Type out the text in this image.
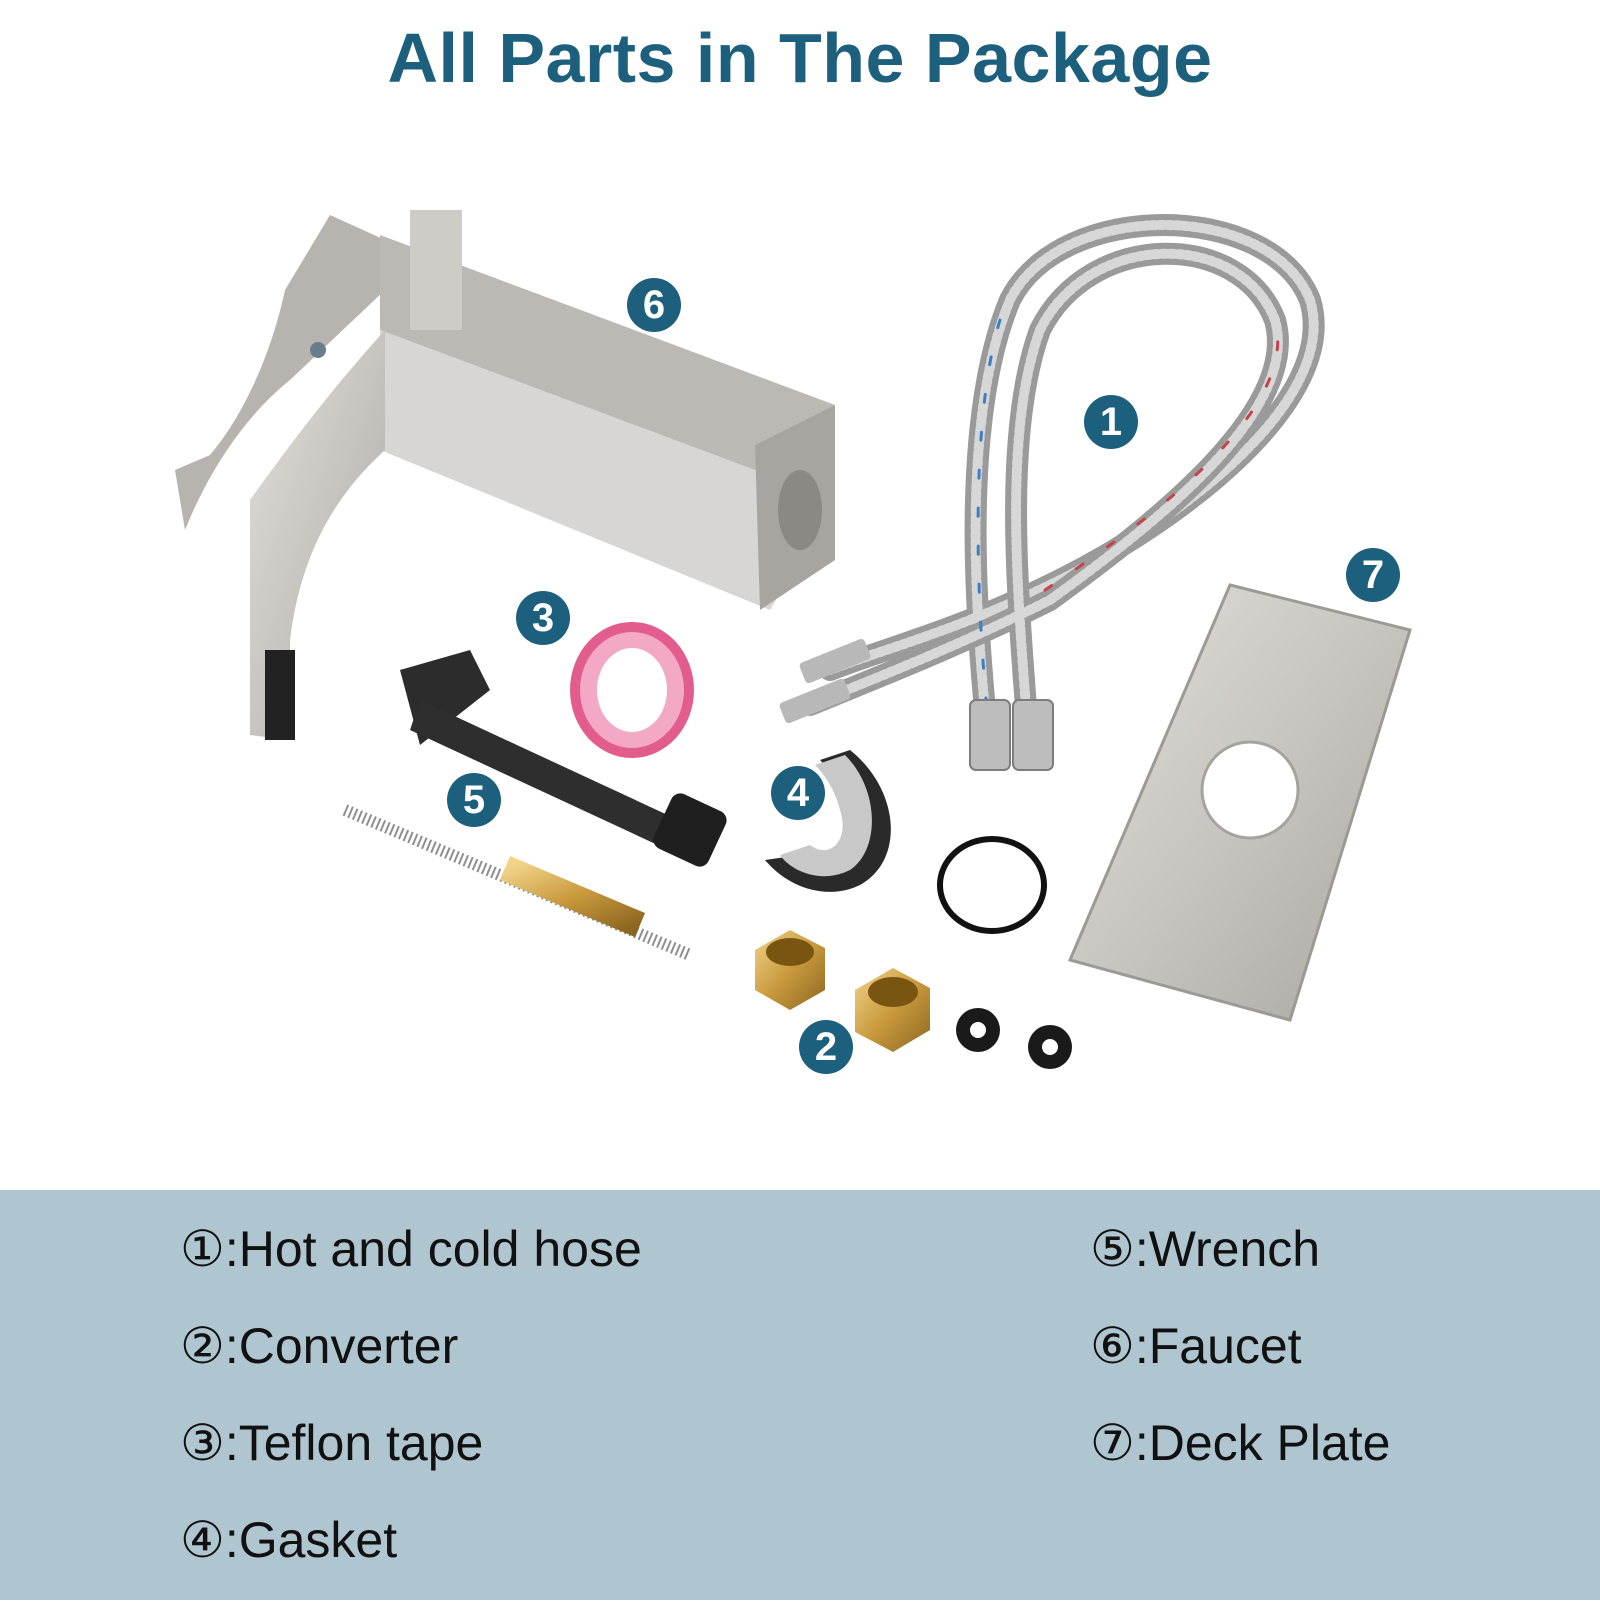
All Parts in The Package
1
2
3
4
5
6
7
① :Hot and cold hose
② :Converter
③ :Teflon tape
④ :Gasket
⑤ :Wrench
⑥ :Faucet
⑦ :Deck Plate
